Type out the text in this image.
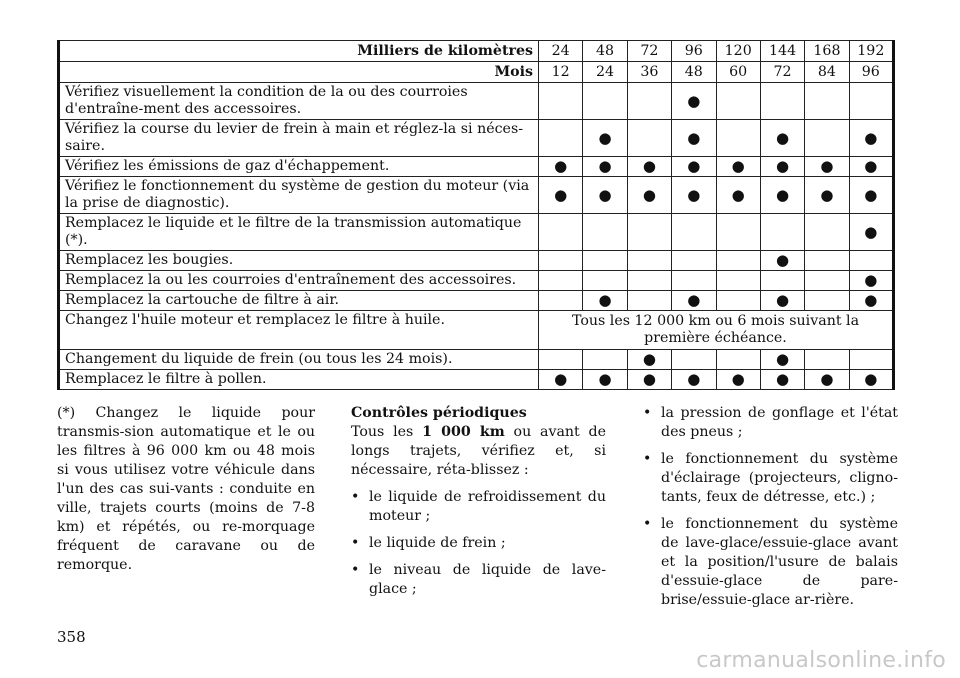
Milliers de kilomètres	24	48	72	96	120	144	168	192
Mois	12	24	36	48	60	72	84	96
Vérifiez visuellement la condition de la ou des courroies d'entraîne-ment des accessoires.				●				
Vérifiez la course du levier de frein à main et réglez-la si néces-saire.		●		●		●		●
Vérifiez les émissions de gaz d'échappement.	●	●	●	●	●	●	●	●
Vérifiez le fonctionnement du système de gestion du moteur (via la prise de diagnostic).	●	●	●	●	●	●	●	●
Remplacez le liquide et le filtre de la transmission automatique (*).								●
Remplacez les bougies.						●		
Remplacez la ou les courroies d'entraînement des accessoires.								●
Remplacez la cartouche de filtre à air.		●		●		●		●
Changez l'huile moteur et remplacez le filtre à huile.	Tous les 12 000 km ou 6 mois suivant la première échéance.							
Changement du liquide de frein (ou tous les 24 mois).			●			●		
Remplacez le filtre à pollen.	●	●	●	●	●	●	●	●

(*) Changez le liquide pour transmis-sion automatique et le ou les filtres à 96 000 km ou 48 mois si vous utilisez votre véhicule dans l'un des cas sui-vants : conduite en ville, trajets courts (moins de 7-8 km) et répétés, ou re-morquage fréquent de caravane ou de remorque.

Contrôles périodiques

Tous les 1 000 km ou avant de longs trajets, vérifiez et, si nécessaire, réta-blissez :

• le liquide de refroidissement du moteur ;
• le liquide de frein ;
• le niveau de liquide de lave-glace ;
• la pression de gonflage et l'état des pneus ;
• le fonctionnement du système d'éclairage (projecteurs, cligno-tants, feux de détresse, etc.) ;
• le fonctionnement du système de lave-glace/essuie-glace avant et la position/l'usure de balais d'essuie-glace de pare-brise/essuie-glace ar-rière.
358
carmanualsonline.info
